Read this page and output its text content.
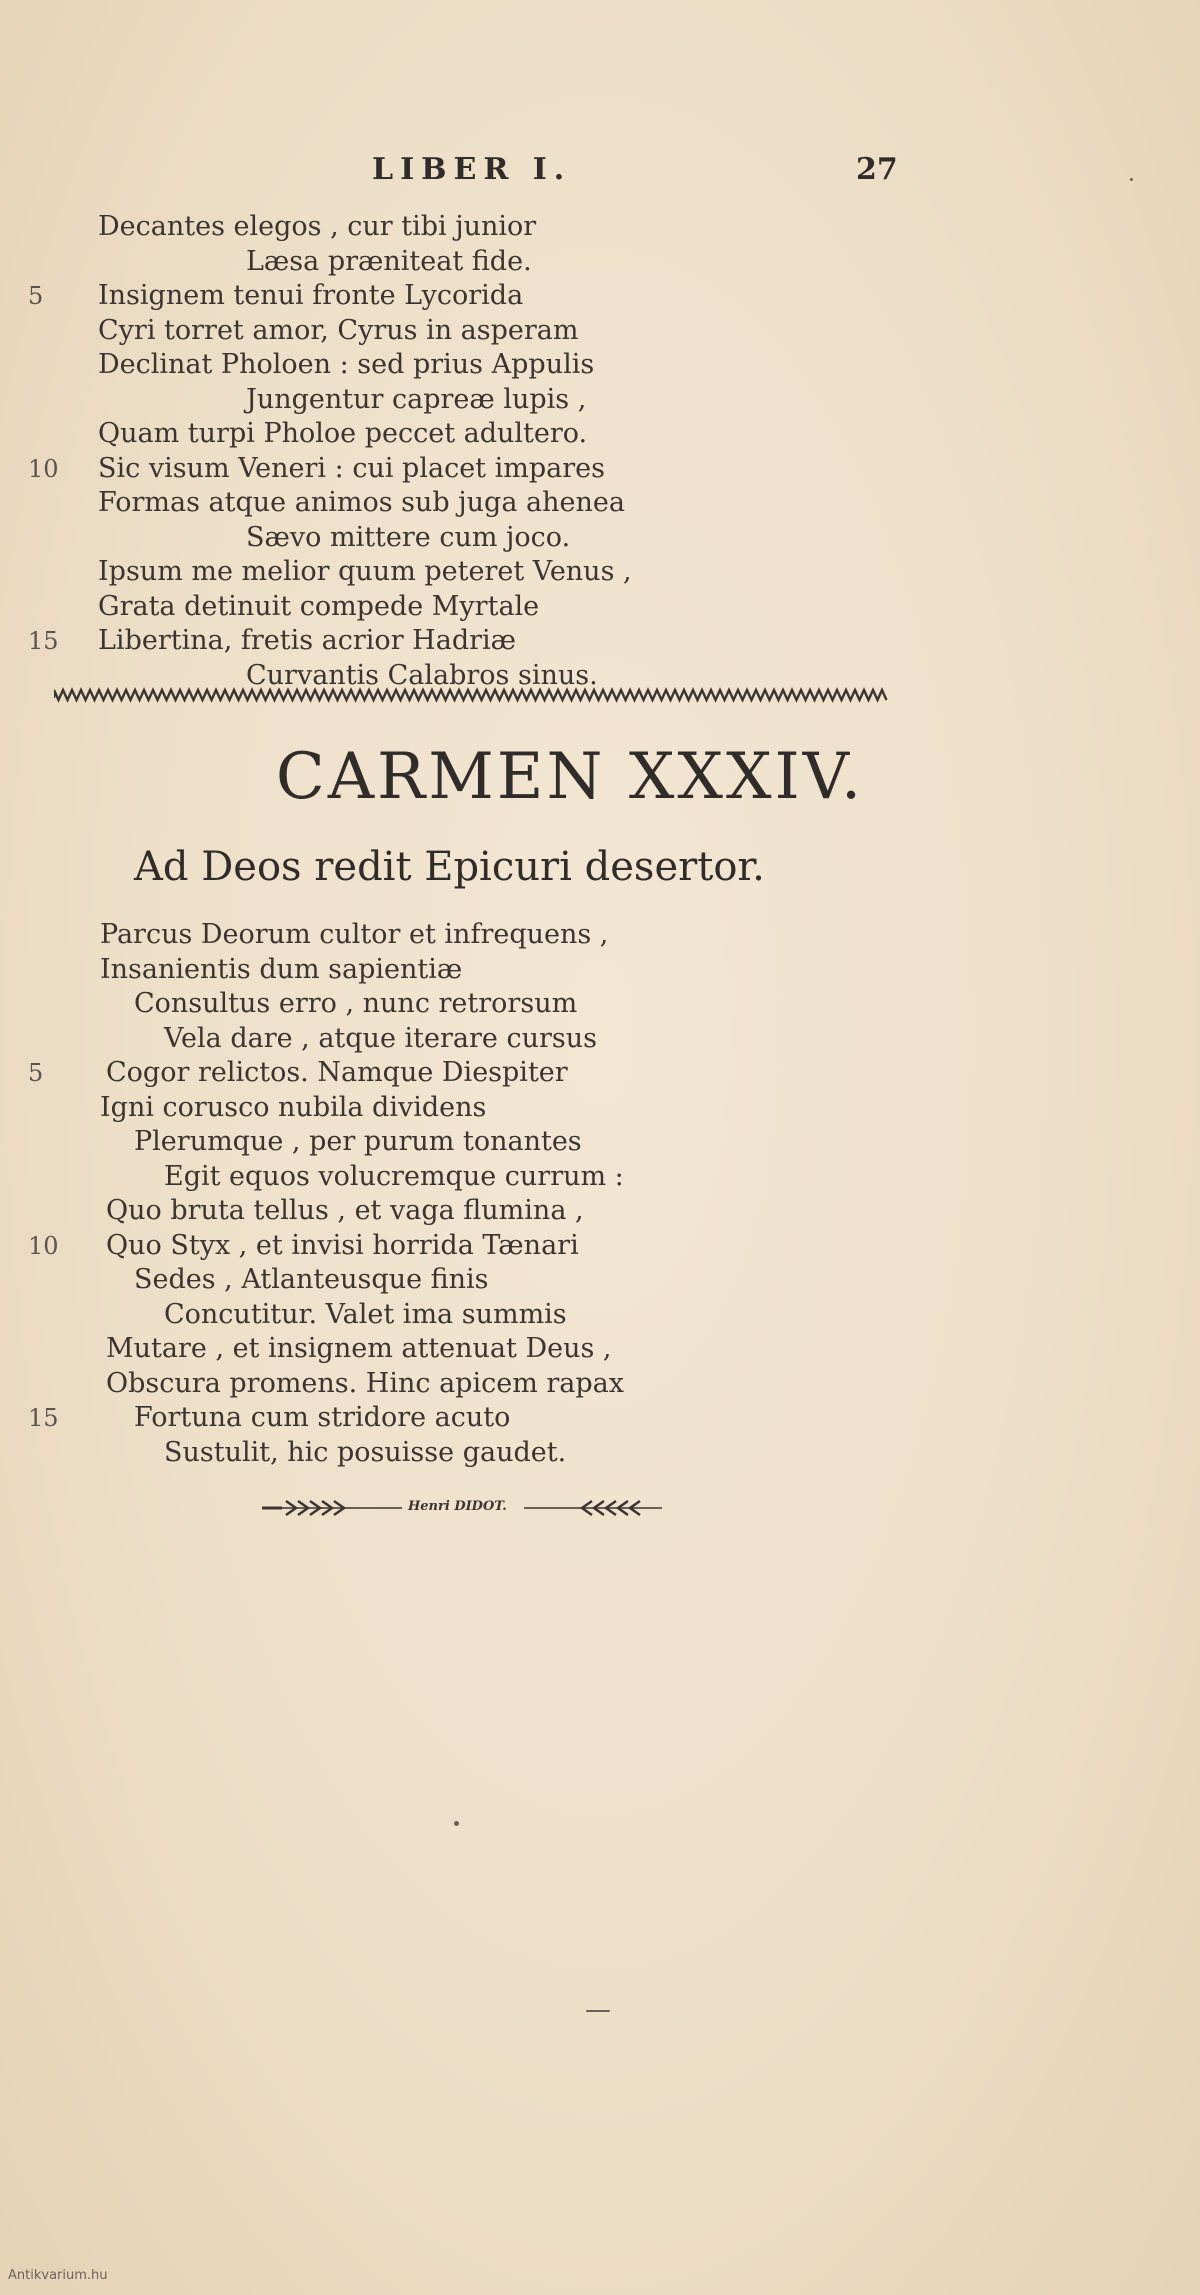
LIBER I.	27
Decantes elegos , cur tibi junior
Læsa præniteat fide.
5 Insignem tenui fronte Lycorida
Cyri torret amor, Cyrus in asperam
Declinat Pholoen : sed prius Appulis
Jungentur capreæ lupis ,
Quam turpi Pholoe peccet adultero.
10 Sic visum Veneri : cui placet impares
Formas atque animos sub juga ahenea
Sævo mittere cum joco.
Ipsum me melior quum peteret Venus ,
Grata detinuit compede Myrtale
15 Libertina, fretis acrior Hadriæ
Curvantis Calabros sinus.
CARMEN XXXIV.
Ad Deos redit Epicuri desertor.
Parcus Deorum cultor et infrequens ,
Insanientis dum sapientiæ
Consultus erro , nunc retrorsum
Vela dare , atque iterare cursus
5 Cogor relictos. Namque Diespiter
Igni corusco nubila dividens
Plerumque , per purum tonantes
Egit equos volucremque currum :
Quo bruta tellus , et vaga flumina ,
10 Quo Styx , et invisi horrida Tænari
Sedes , Atlanteusque finis
Concutitur. Valet ima summis
Mutare , et insignem attenuat Deus ,
Obscura promens. Hinc apicem rapax
15	Fortuna cum stridore acuto
Sustulit, hic posuisse gaudet.
Henri DIDOT.
Antikvarium.hu
